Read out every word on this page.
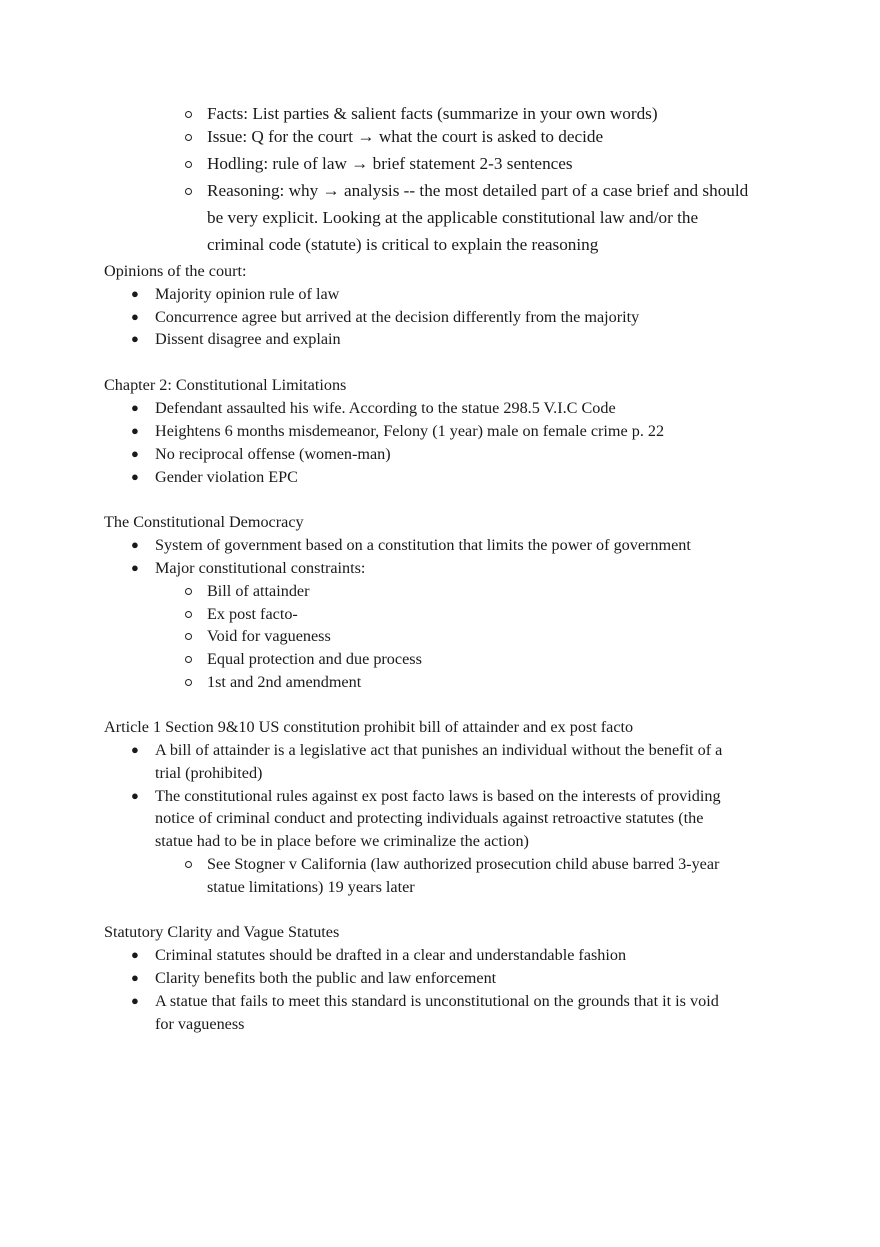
Facts: List parties & salient facts (summarize in your own words)
Issue: Q for the court → what the court is asked to decide
Hodling: rule of law → brief statement 2-3 sentences
Reasoning: why → analysis -- the most detailed part of a case brief and should
be very explicit. Looking at the applicable constitutional law and/or the
criminal code (statute) is critical to explain the reasoning
Opinions of the court:
● Majority opinion rule of law
● Concurrence agree but arrived at the decision differently from the majority
● Dissent disagree and explain
Chapter 2: Constitutional Limitations
● Defendant assaulted his wife. According to the statue 298.5 V.I.C Code
● Heightens 6 months misdemeanor, Felony (1 year) male on female crime p. 22
● No reciprocal offense (women-man)
● Gender violation EPC
The Constitutional Democracy
● System of government based on a constitution that limits the power of government
● Major constitutional constraints:
Bill of attainder
Ex post facto-
Void for vagueness
Equal protection and due process
1st and 2nd amendment
Article 1 Section 9&10 US constitution prohibit bill of attainder and ex post facto
● A bill of attainder is a legislative act that punishes an individual without the benefit of a
trial (prohibited)
● The constitutional rules against ex post facto laws is based on the interests of providing
notice of criminal conduct and protecting individuals against retroactive statutes (the
statue had to be in place before we criminalize the action)
See Stogner v California (law authorized prosecution child abuse barred 3-year
statue limitations) 19 years later
Statutory Clarity and Vague Statutes
● Criminal statutes should be drafted in a clear and understandable fashion
● Clarity benefits both the public and law enforcement
● A statue that fails to meet this standard is unconstitutional on the grounds that it is void
for vagueness
